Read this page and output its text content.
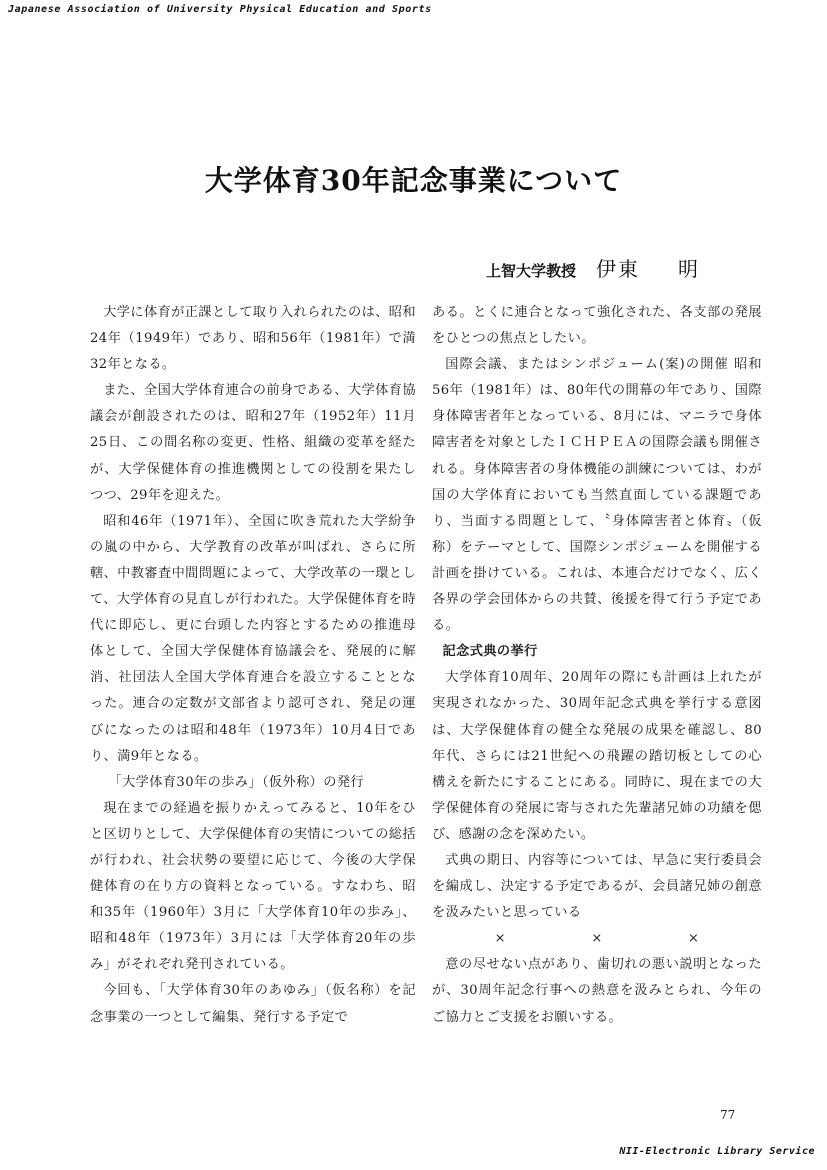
Japanese Association of University Physical Education and Sports
大学体育30年記念事業について
上智大学教授 伊東 明

大学に体育が正課として取り入れられたのは、昭和24年（1949年）であり、昭和56年（1981年）で満32年となる。

また、全国大学体育連合の前身である、大学体育協議会が創設されたのは、昭和27年（1952年）11月25日、この間名称の変更、性格、組織の変革を経たが、大学保健体育の推進機関としての役割を果たしつつ、29年を迎えた。

昭和46年（1971年）、全国に吹き荒れた大学紛争の嵐の中から、大学教育の改革が叫ばれ、さらに所轄、中教審査中間問題によって、大学改革の一環として、大学体育の見直しが行われた。大学保健体育を時代に即応し、更に台頭した内容とするための推進母体として、全国大学保健体育協議会を、発展的に解消、社団法人全国大学体育連合を設立することとなった。連合の定数が文部省より認可され、発足の運びになったのは昭和48年（1973年）10月4日であり、満9年となる。

「大学体育30年の歩み」（仮外称）の発行

現在までの経過を振りかえってみると、10年をひと区切りとして、大学保健体育の実情についての総括が行われ、社会状勢の要望に応じて、今後の大学保健体育の在り方の資料となっている。すなわち、昭和35年（1960年）3月に「大学体育10年の歩み」、昭和48年（1973年）3月には「大学体育20年の歩み」がそれぞれ発刊されている。

今回も、「大学体育30年のあゆみ」（仮名称）を記念事業の一つとして編集、発行する予定で

ある。とくに連合となって強化された、各支部の発展をひとつの焦点としたい。

国際会議、またはシンポジューム(案)の開催 昭和56年（1981年）は、80年代の開幕の年であり、国際身体障害者年となっている、8月には、マニラで身体障害者を対象としたＩＣＨＰＥＡの国際会議も開催される。身体障害者の身体機能の訓練については、わが国の大学体育においても当然直面している課題であり、当面する問題として、〝身体障害者と体育〟（仮称）をテーマとして、国際シンポジュームを開催する計画を掛けている。これは、本連合だけでなく、広く各界の学会団体からの共賛、後援を得て行う予定である。

記念式典の挙行

大学体育10周年、20周年の際にも計画は上れたが実現されなかった、30周年記念式典を挙行する意図は、大学保健体育の健全な発展の成果を確認し、80年代、さらには21世紀への飛躍の踏切板としての心構えを新たにすることにある。同時に、現在までの大学保健体育の発展に寄与された先輩諸兄姉の功績を偲び、感謝の念を深めたい。

式典の期日、内容等については、早急に実行委員会を編成し、決定する予定であるが、会員諸兄姉の創意を汲みたいと思っている

×	×	×

意の尽せない点があり、歯切れの悪い説明となったが、30周年記念行事への熱意を汲みとられ、今年のご協力とご支援をお願いする。

77
NII-Electronic Library Service
